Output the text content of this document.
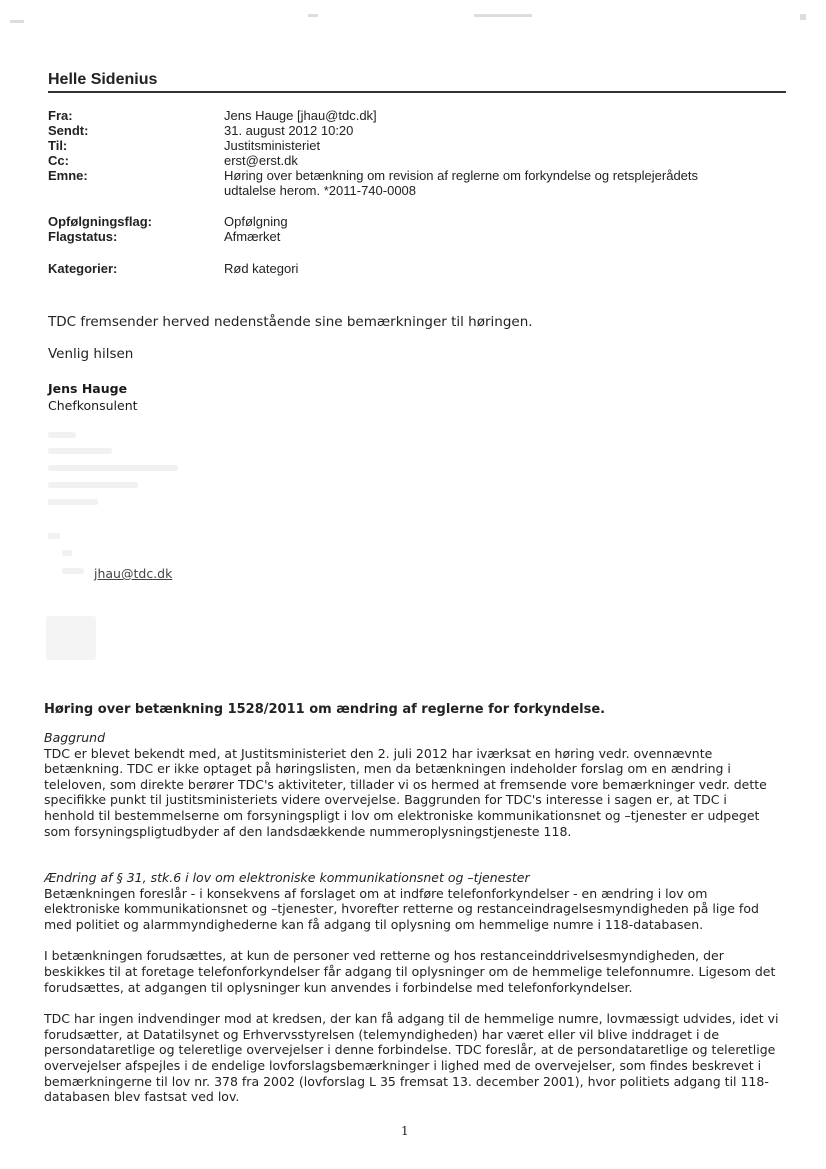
Helle Sidenius
Fra:	Jens Hauge [jhau@tdc.dk]
Sendt:	31. august 2012 10:20
Til:	Justitsministeriet
Cc:	erst@erst.dk
Emne:	Høring over betænkning om revision af reglerne om forkyndelse og retsplejerådets
udtalelse herom. *2011-740-0008
Opfølgningsflag:	Opfølgning
Flagstatus:	Afmærket
Kategorier:	Rød kategori
TDC fremsender herved nedenstående sine bemærkninger til høringen.
Venlig hilsen
Jens Hauge
Chefkonsulent
jhau@tdc.dk
Høring over betænkning 1528/2011 om ændring af reglerne for forkyndelse.
Baggrund

TDC er blevet bekendt med, at Justitsministeriet den 2. juli 2012 har iværksat en høring vedr. ovennævnte betænkning. TDC er ikke optaget på høringslisten, men da betænkningen indeholder forslag om en ændring i teleloven, som direkte berører TDC's aktiviteter, tillader vi os hermed at fremsende vore bemærkninger vedr. dette specifikke punkt til justitsministeriets videre overvejelse. Baggrunden for TDC's interesse i sagen er, at TDC i henhold til bestemmelserne om forsyningspligt i lov om elektroniske kommunikationsnet og –tjenester er udpeget som forsyningspligtudbyder af den landsdækkende nummeroplysningstjeneste 118.

Ændring af § 31, stk.6 i lov om elektroniske kommunikationsnet og –tjenester

Betænkningen foreslår - i konsekvens af forslaget om at indføre telefonforkyndelser - en ændring i lov om elektroniske kommunikationsnet og –tjenester, hvorefter retterne og restanceindragelsesmyndigheden på lige fod med politiet og alarmmyndighederne kan få adgang til oplysning om hemmelige numre i 118-databasen.

I betænkningen forudsættes, at kun de personer ved retterne og hos restanceinddrivelsesmyndigheden, der beskikkes til at foretage telefonforkyndelser får adgang til oplysninger om de hemmelige telefonnumre. Ligesom det forudsættes, at adgangen til oplysninger kun anvendes i forbindelse med telefonforkyndelser.

TDC har ingen indvendinger mod at kredsen, der kan få adgang til de hemmelige numre, lovmæssigt udvides, idet vi forudsætter, at Datatilsynet og Erhvervsstyrelsen (telemyndigheden) har været eller vil blive inddraget i de persondataretlige og teleretlige overvejelser i denne forbindelse. TDC foreslår, at de persondataretlige og teleretlige overvejelser afspejles i de endelige lovforslagsbemærkninger i lighed med de overvejelser, som findes beskrevet i bemærkningerne til lov nr. 378 fra 2002 (lovforslag L 35 fremsat 13. december 2001), hvor politiets adgang til 118-databasen blev fastsat ved lov.

1
